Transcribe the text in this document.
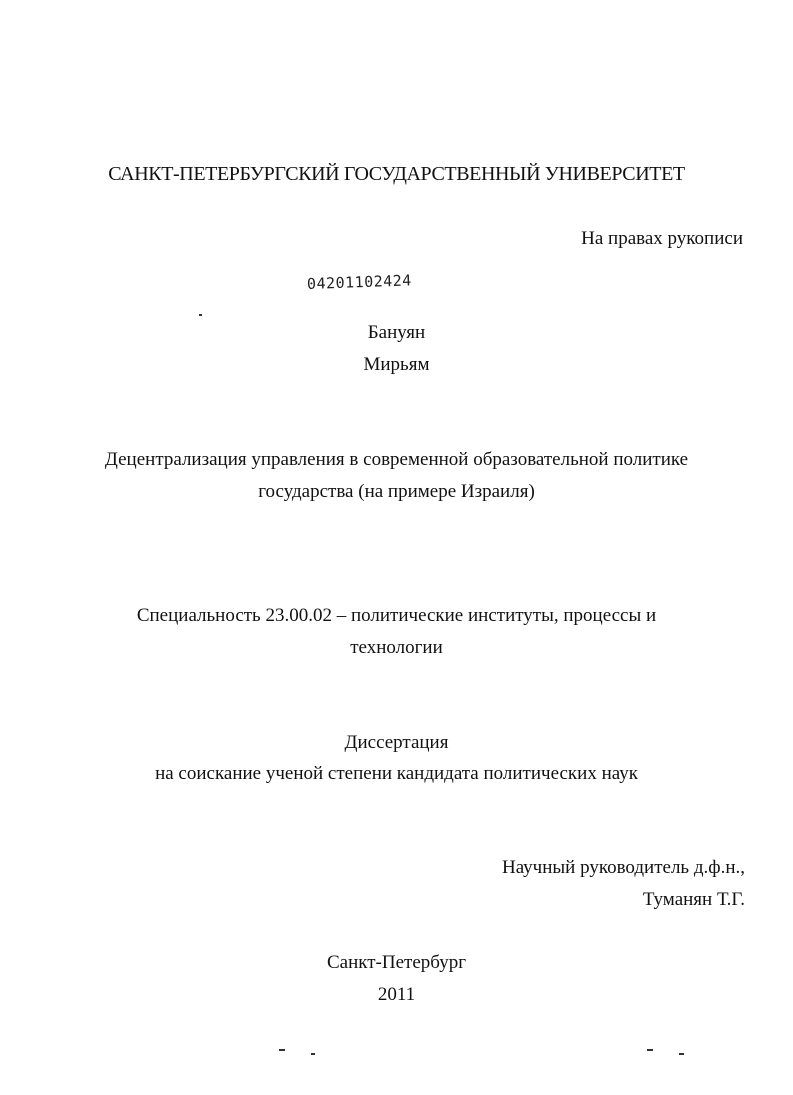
САНКТ-ПЕТЕРБУРГСКИЙ ГОСУДАРСТВЕННЫЙ УНИВЕРСИТЕТ
На правах рукописи
04201102424
Бануян
Мирьям
Децентрализация управления в современной образовательной политике
государства (на примере Израиля)
Специальность 23.00.02 – политические институты, процессы и
технологии
Диссертация
на соискание ученой степени кандидата политических наук
Научный руководитель д.ф.н.,
Туманян Т.Г.
Санкт-Петербург
2011
